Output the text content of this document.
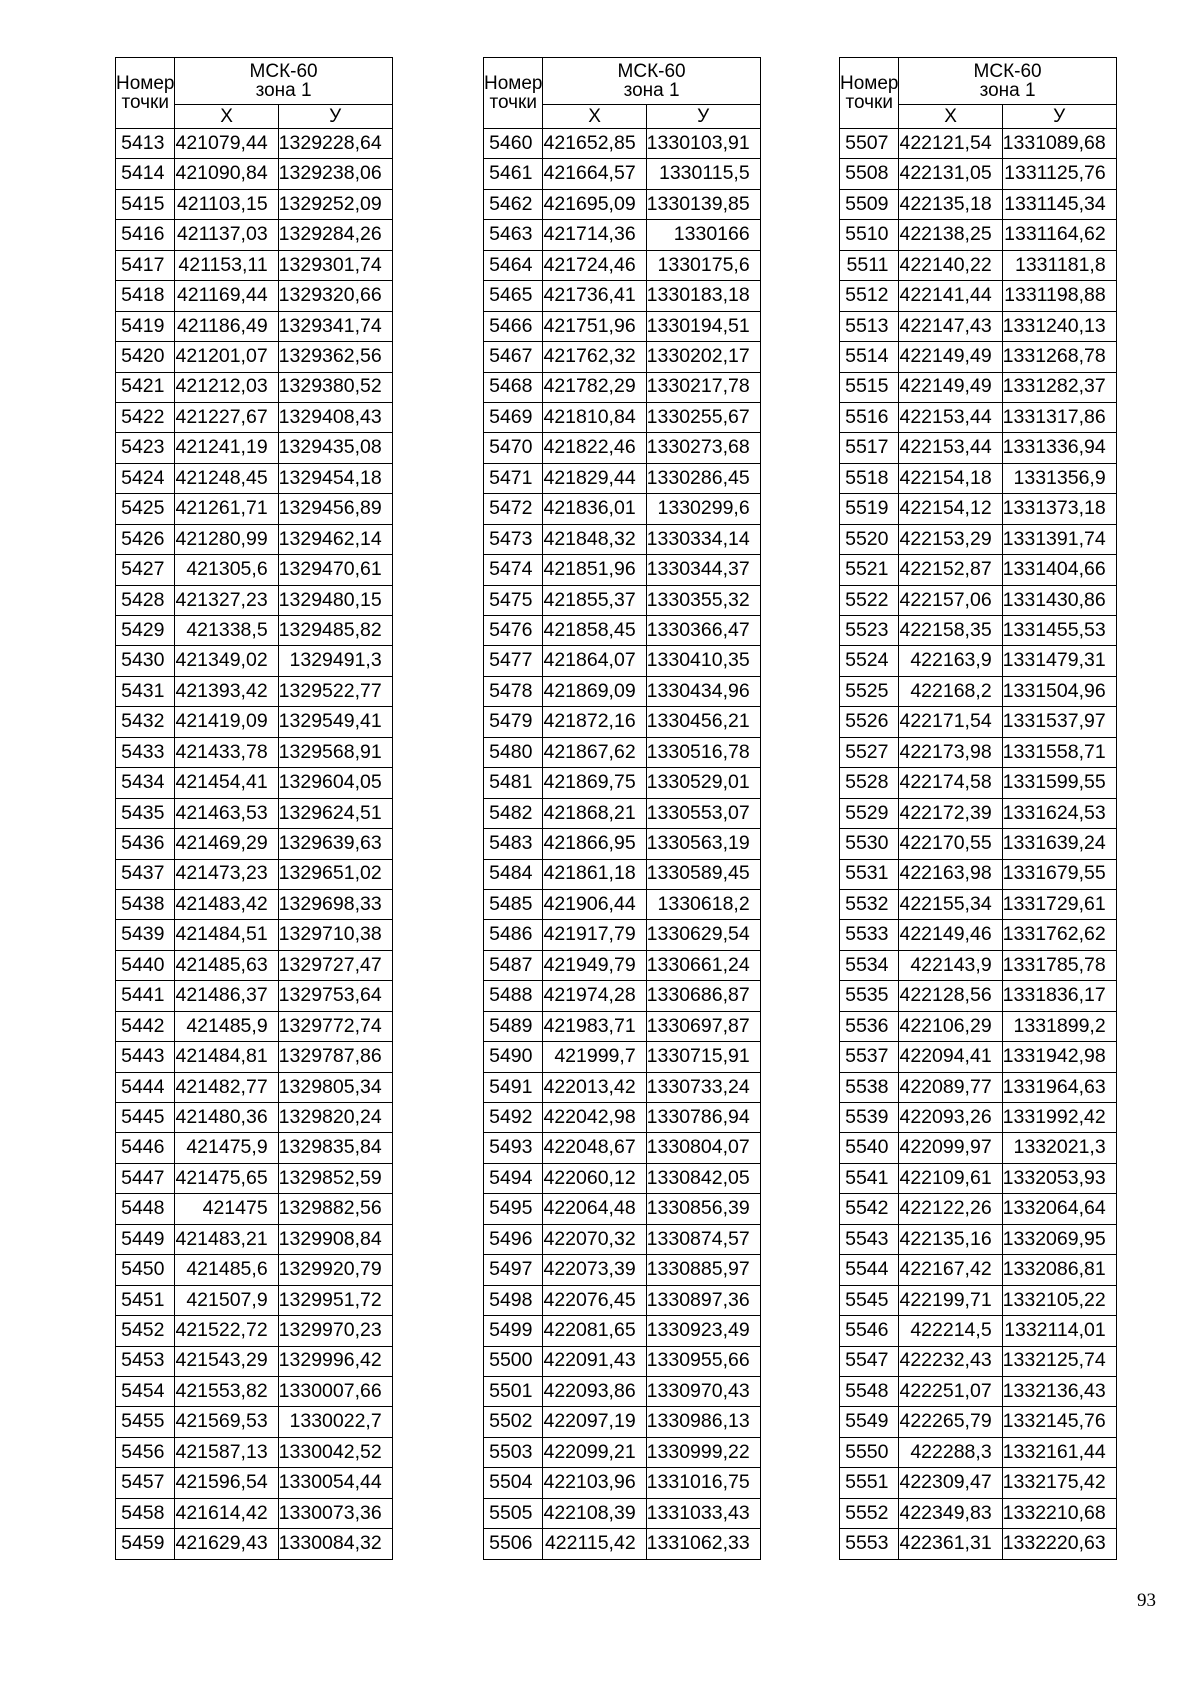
Номер
точки	МСК-60
зона 1	

	X	У
5413	421079,44	1329228,64
5414	421090,84	1329238,06
5415	421103,15	1329252,09
5416	421137,03	1329284,26
5417	421153,11	1329301,74
5418	421169,44	1329320,66
5419	421186,49	1329341,74
5420	421201,07	1329362,56
5421	421212,03	1329380,52
5422	421227,67	1329408,43
5423	421241,19	1329435,08
5424	421248,45	1329454,18
5425	421261,71	1329456,89
5426	421280,99	1329462,14
5427	421305,6	1329470,61
5428	421327,23	1329480,15
5429	421338,5	1329485,82
5430	421349,02	1329491,3
5431	421393,42	1329522,77
5432	421419,09	1329549,41
5433	421433,78	1329568,91
5434	421454,41	1329604,05
5435	421463,53	1329624,51
5436	421469,29	1329639,63
5437	421473,23	1329651,02
5438	421483,42	1329698,33
5439	421484,51	1329710,38
5440	421485,63	1329727,47
5441	421486,37	1329753,64
5442	421485,9	1329772,74
5443	421484,81	1329787,86
5444	421482,77	1329805,34
5445	421480,36	1329820,24
5446	421475,9	1329835,84
5447	421475,65	1329852,59
5448	421475	1329882,56
5449	421483,21	1329908,84
5450	421485,6	1329920,79
5451	421507,9	1329951,72
5452	421522,72	1329970,23
5453	421543,29	1329996,42
5454	421553,82	1330007,66
5455	421569,53	1330022,7
5456	421587,13	1330042,52
5457	421596,54	1330054,44
5458	421614,42	1330073,36
5459	421629,43	1330084,32
Номер
точки	МСК-60
зона 1	

	X	У
5460	421652,85	1330103,91
5461	421664,57	1330115,5
5462	421695,09	1330139,85
5463	421714,36	1330166
5464	421724,46	1330175,6
5465	421736,41	1330183,18
5466	421751,96	1330194,51
5467	421762,32	1330202,17
5468	421782,29	1330217,78
5469	421810,84	1330255,67
5470	421822,46	1330273,68
5471	421829,44	1330286,45
5472	421836,01	1330299,6
5473	421848,32	1330334,14
5474	421851,96	1330344,37
5475	421855,37	1330355,32
5476	421858,45	1330366,47
5477	421864,07	1330410,35
5478	421869,09	1330434,96
5479	421872,16	1330456,21
5480	421867,62	1330516,78
5481	421869,75	1330529,01
5482	421868,21	1330553,07
5483	421866,95	1330563,19
5484	421861,18	1330589,45
5485	421906,44	1330618,2
5486	421917,79	1330629,54
5487	421949,79	1330661,24
5488	421974,28	1330686,87
5489	421983,71	1330697,87
5490	421999,7	1330715,91
5491	422013,42	1330733,24
5492	422042,98	1330786,94
5493	422048,67	1330804,07
5494	422060,12	1330842,05
5495	422064,48	1330856,39
5496	422070,32	1330874,57
5497	422073,39	1330885,97
5498	422076,45	1330897,36
5499	422081,65	1330923,49
5500	422091,43	1330955,66
5501	422093,86	1330970,43
5502	422097,19	1330986,13
5503	422099,21	1330999,22
5504	422103,96	1331016,75
5505	422108,39	1331033,43
5506	422115,42	1331062,33
Номер
точки	МСК-60
зона 1	

	X	У
5507	422121,54	1331089,68
5508	422131,05	1331125,76
5509	422135,18	1331145,34
5510	422138,25	1331164,62
5511	422140,22	1331181,8
5512	422141,44	1331198,88
5513	422147,43	1331240,13
5514	422149,49	1331268,78
5515	422149,49	1331282,37
5516	422153,44	1331317,86
5517	422153,44	1331336,94
5518	422154,18	1331356,9
5519	422154,12	1331373,18
5520	422153,29	1331391,74
5521	422152,87	1331404,66
5522	422157,06	1331430,86
5523	422158,35	1331455,53
5524	422163,9	1331479,31
5525	422168,2	1331504,96
5526	422171,54	1331537,97
5527	422173,98	1331558,71
5528	422174,58	1331599,55
5529	422172,39	1331624,53
5530	422170,55	1331639,24
5531	422163,98	1331679,55
5532	422155,34	1331729,61
5533	422149,46	1331762,62
5534	422143,9	1331785,78
5535	422128,56	1331836,17
5536	422106,29	1331899,2
5537	422094,41	1331942,98
5538	422089,77	1331964,63
5539	422093,26	1331992,42
5540	422099,97	1332021,3
5541	422109,61	1332053,93
5542	422122,26	1332064,64
5543	422135,16	1332069,95
5544	422167,42	1332086,81
5545	422199,71	1332105,22
5546	422214,5	1332114,01
5547	422232,43	1332125,74
5548	422251,07	1332136,43
5549	422265,79	1332145,76
5550	422288,3	1332161,44
5551	422309,47	1332175,42
5552	422349,83	1332210,68
5553	422361,31	1332220,63
93
